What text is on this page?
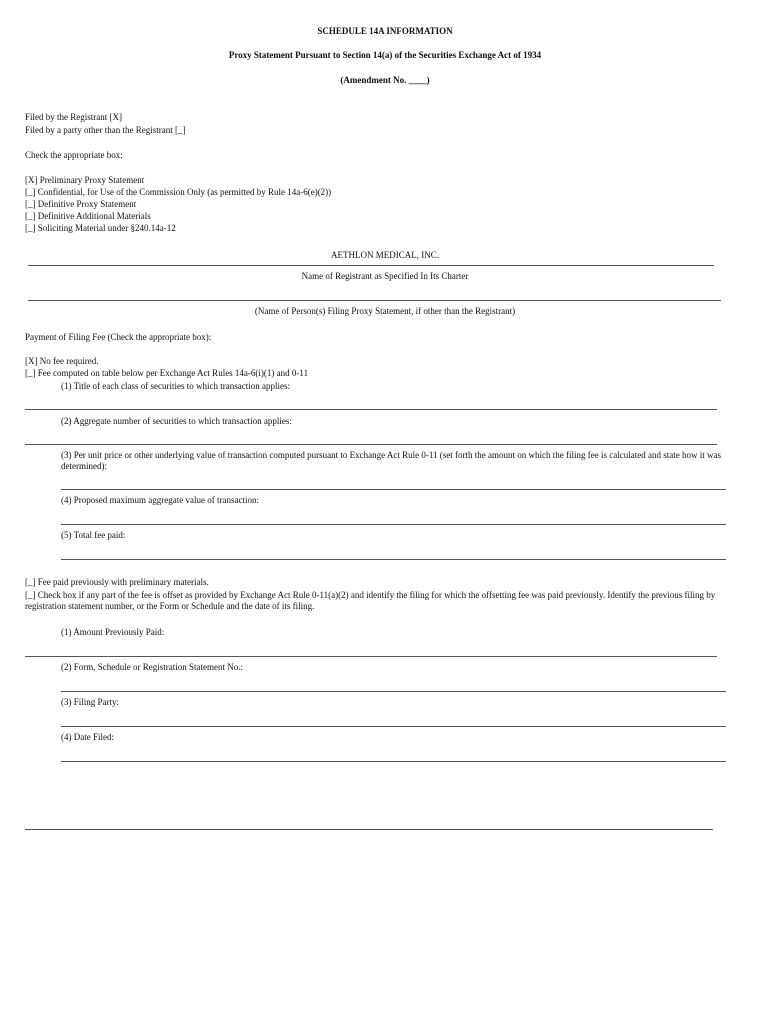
SCHEDULE 14A INFORMATION
Proxy Statement Pursuant to Section 14(a) of the Securities Exchange Act of 1934
(Amendment No. ____)
Filed by the Registrant [X]
Filed by a party other than the Registrant [_]
Check the appropriate box:
[X] Preliminary Proxy Statement
[_] Confidential, for Use of the Commission Only (as permitted by Rule 14a-6(e)(2))
[_] Definitive Proxy Statement
[_] Definitive Additional Materials
[_] Soliciting Material under §240.14a-12
AETHLON MEDICAL, INC.
Name of Registrant as Specified In Its Charter
(Name of Person(s) Filing Proxy Statement, if other than the Registrant)
Payment of Filing Fee (Check the appropriate box):
[X] No fee required.
[_] Fee computed on table below per Exchange Act Rules 14a-6(i)(1) and 0-11
(1) Title of each class of securities to which transaction applies:
(2) Aggregate number of securities to which transaction applies:
(3) Per unit price or other underlying value of transaction computed pursuant to Exchange Act Rule 0-11 (set forth the amount on which the filing fee is calculated and state how it was determined):
(4) Proposed maximum aggregate value of transaction:
(5) Total fee paid:
[_] Fee paid previously with preliminary materials.
[_] Check box if any part of the fee is offset as provided by Exchange Act Rule 0-11(a)(2) and identify the filing for which the offsetting fee was paid previously. Identify the previous filing by registration statement number, or the Form or Schedule and the date of its filing.
(1) Amount Previously Paid:
(2) Form, Schedule or Registration Statement No.:
(3) Filing Party:
(4) Date Filed:
